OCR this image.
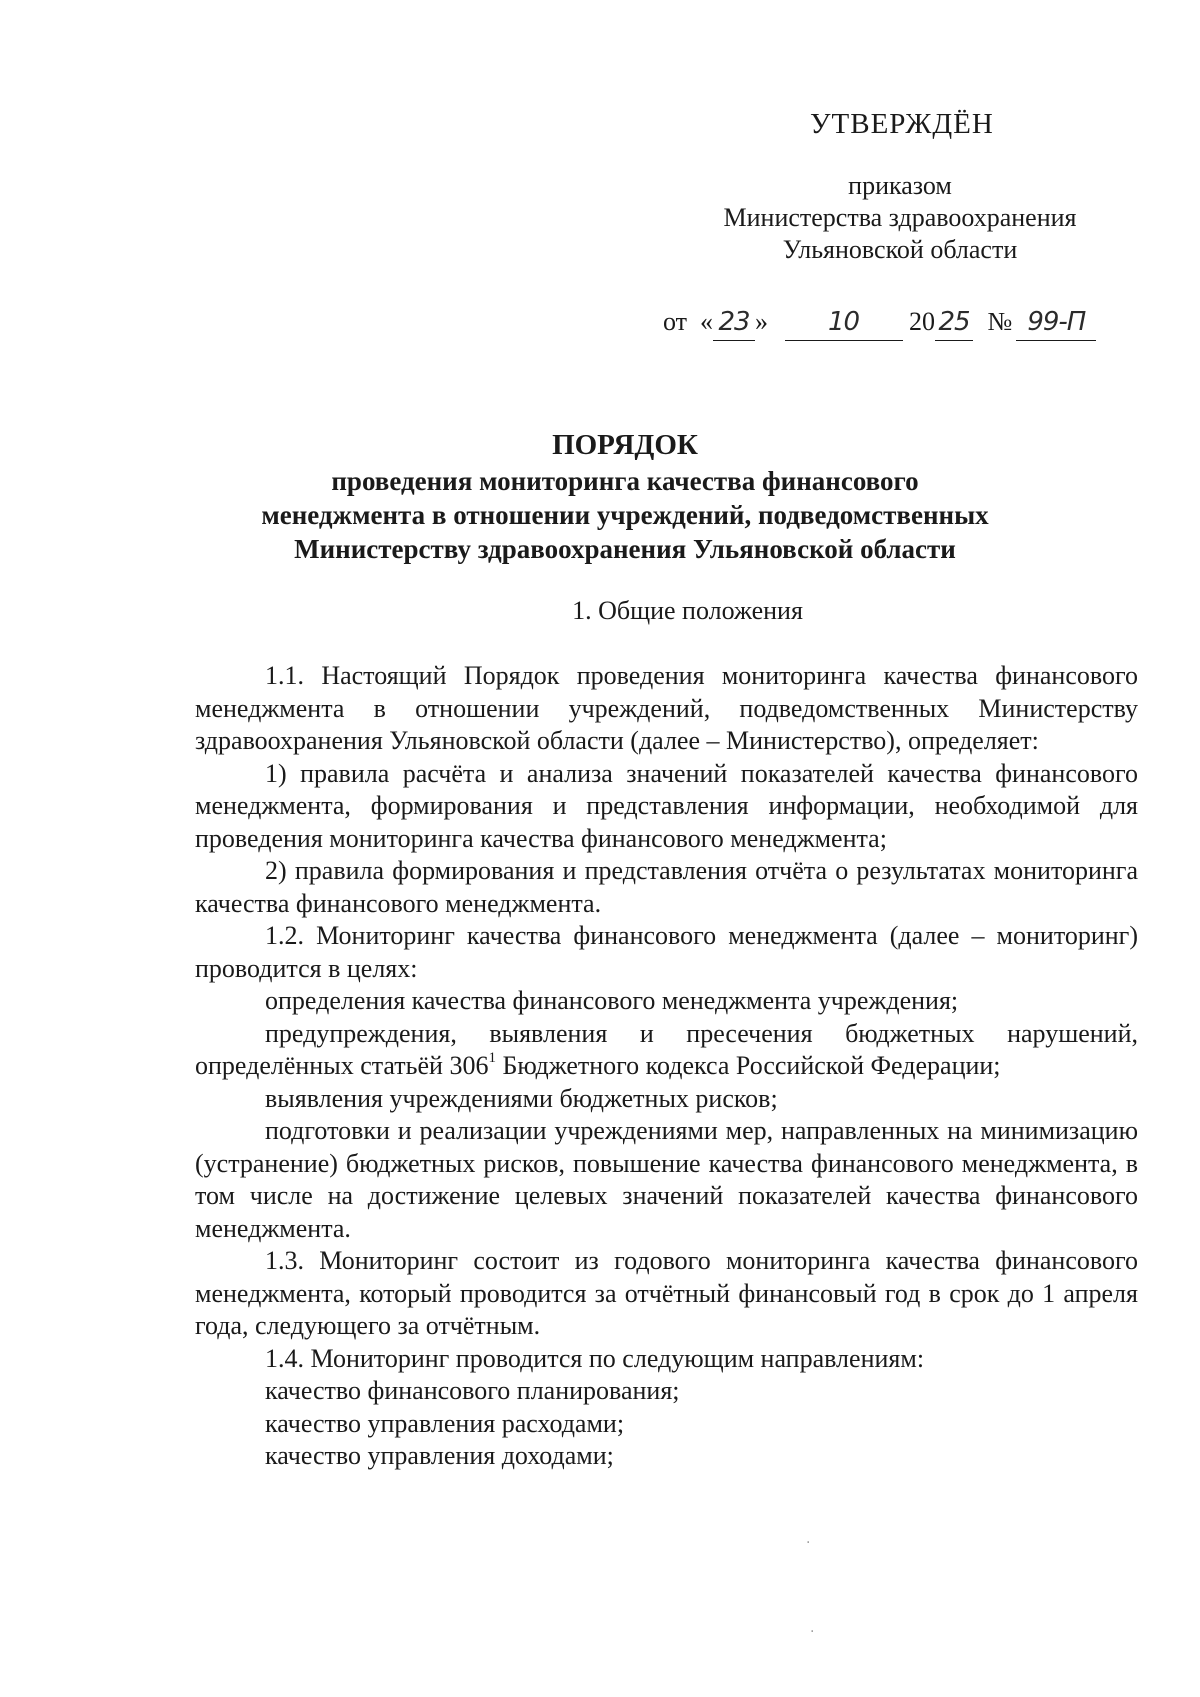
УТВЕРЖДЁН
приказом
Министерства здравоохранения
Ульяновской области
от « 23 » 10 20 25 № 99-П
ПОРЯДОК
проведения мониторинга качества финансового
менеджмента в отношении учреждений, подведомственных
Министерству здравоохранения Ульяновской области
1. Общие положения

1.1. Настоящий Порядок проведения мониторинга качества финансового менеджмента в отношении учреждений, подведомственных Министерству здравоохранения Ульяновской области (далее – Министерство), определяет:

1) правила расчёта и анализа значений показателей качества финансового менеджмента, формирования и представления информации, необходимой для проведения мониторинга качества финансового менеджмента;

2) правила формирования и представления отчёта о результатах мониторинга качества финансового менеджмента.

1.2. Мониторинг качества финансового менеджмента (далее – мониторинг) проводится в целях:

определения качества финансового менеджмента учреждения;

предупреждения, выявления и пресечения бюджетных нарушений, определённых статьёй $306^1$ Бюджетного кодекса Российской Федерации;

выявления учреждениями бюджетных рисков;

подготовки и реализации учреждениями мер, направленных на минимизацию (устранение) бюджетных рисков, повышение качества финансового менеджмента, в том числе на достижение целевых значений показателей качества финансового менеджмента.

1.3. Мониторинг состоит из годового мониторинга качества финансового менеджмента, который проводится за отчётный финансовый год в срок до 1 апреля года, следующего за отчётным.

1.4. Мониторинг проводится по следующим направлениям:

качество финансового планирования;

качество управления расходами;

качество управления доходами;

·
·
